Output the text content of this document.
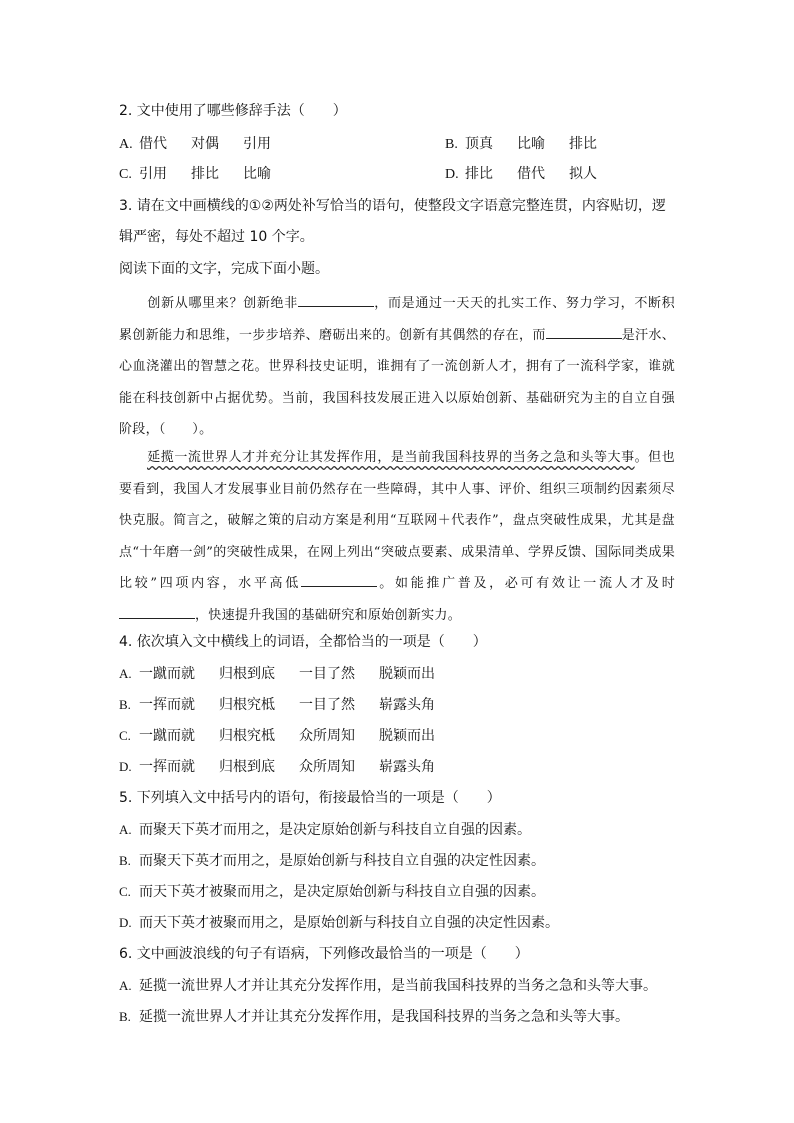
2. 文中使用了哪些修辞手法（　　）
A. 借代 对偶 引用	B. 顶真 比喻 排比
C. 引用 排比 比喻	D. 排比 借代 拟人
3. 请在文中画横线的①②两处补写恰当的语句，使整段文字语意完整连贯，内容贴切，逻
辑严密，每处不超过 10 个字。
阅读下面的文字，完成下面小题。
创新从哪里来？创新绝非	，而是通过一天天的扎实工作、努力学习，不断积累创新能力和思维，一步步培养、磨砺出来的。创新有其偶然的存在，而	是汗水、心血浇灌出的智慧之花。世界科技史证明，谁拥有了一流创新人才，拥有了一流科学家，谁就能在科技创新中占据优势。当前，我国科技发展正进入以原始创新、基础研究为主的自立自强阶段，（　　）。
延揽一流世界人才并充分让其发挥作用，是当前我国科技界的当务之急和头等大事。但也要看到，我国人才发展事业目前仍然存在一些障碍，其中人事、评价、组织三项制约因素须尽快克服。简言之，破解之策的启动方案是利用“互联网＋代表作”，盘点突破性成果，尤其是盘点“十年磨一剑”的突破性成果，在网上列出“突破点要素、成果清单、学界反馈、国际同类成果比较”四项内容，水平高低	。如能推广普及，必可有效让一流人才及时，快速提升我国的基础研究和原始创新实力。
4. 依次填入文中横线上的词语，全都恰当的一项是（　　）
A. 一蹴而就 归根到底 一目了然 脱颖而出
B. 一挥而就 归根究柢 一目了然 崭露头角
C. 一蹴而就 归根究柢 众所周知 脱颖而出
D. 一挥而就 归根到底 众所周知 崭露头角
5. 下列填入文中括号内的语句，衔接最恰当的一项是（　　）
A. 而聚天下英才而用之，是决定原始创新与科技自立自强的因素。
B. 而聚天下英才而用之，是原始创新与科技自立自强的决定性因素。
C. 而天下英才被聚而用之，是决定原始创新与科技自立自强的因素。
D. 而天下英才被聚而用之，是原始创新与科技自立自强的决定性因素。
6. 文中画波浪线的句子有语病，下列修改最恰当的一项是（　　）
A. 延揽一流世界人才并让其充分发挥作用，是当前我国科技界的当务之急和头等大事。
B. 延揽一流世界人才并让其充分发挥作用，是我国科技界的当务之急和头等大事。
